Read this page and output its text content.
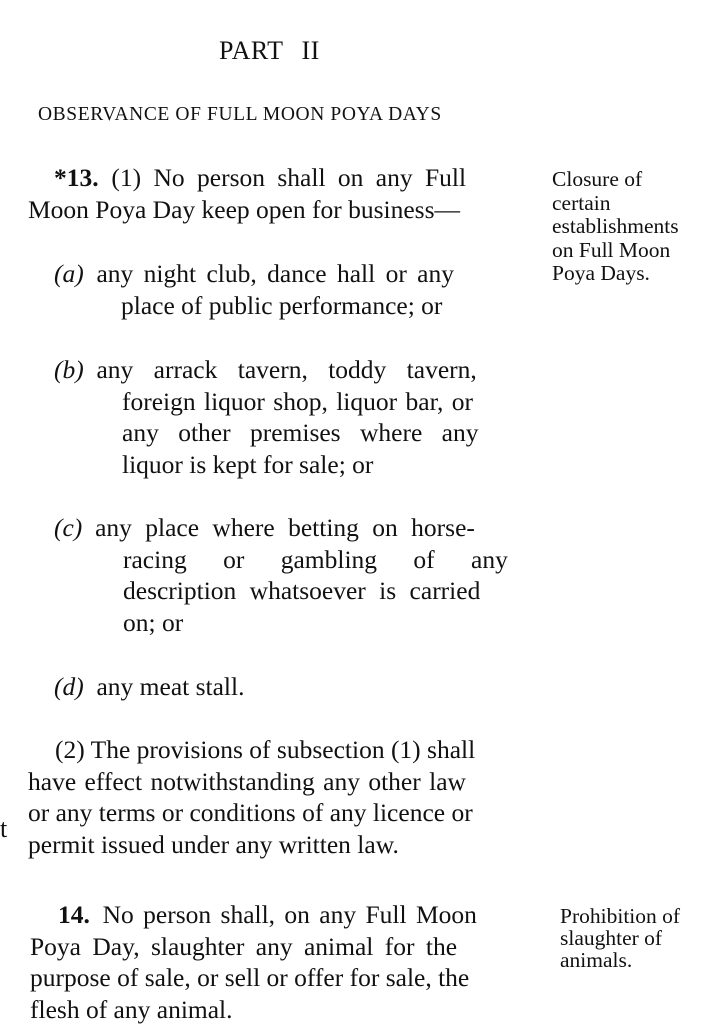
PART II
OBSERVANCE OF FULL MOON POYA DAYS
*13.
(1) No person shall on any Full
Moon Poya Day keep open for business—
Closure of
certain
establishments
on Full Moon
Poya Days.
(a)
any night club, dance hall or any
place of public performance; or
(b)
any arrack tavern, toddy tavern,
foreign liquor shop, liquor bar, or
any other premises where any
liquor is kept for sale; or
(c)
any place where betting on horse-
racing or gambling of any
description whatsoever is carried
on; or
(d)
any meat stall.
(2) The provisions of subsection (1) shall
have effect notwithstanding any other law
or any terms or conditions of any licence or
permit issued under any written law.
t
14.
No person shall, on any Full Moon
Poya Day, slaughter any animal for the
purpose of sale, or sell or offer for sale, the
flesh of any animal.
Prohibition of
slaughter of
animals.
